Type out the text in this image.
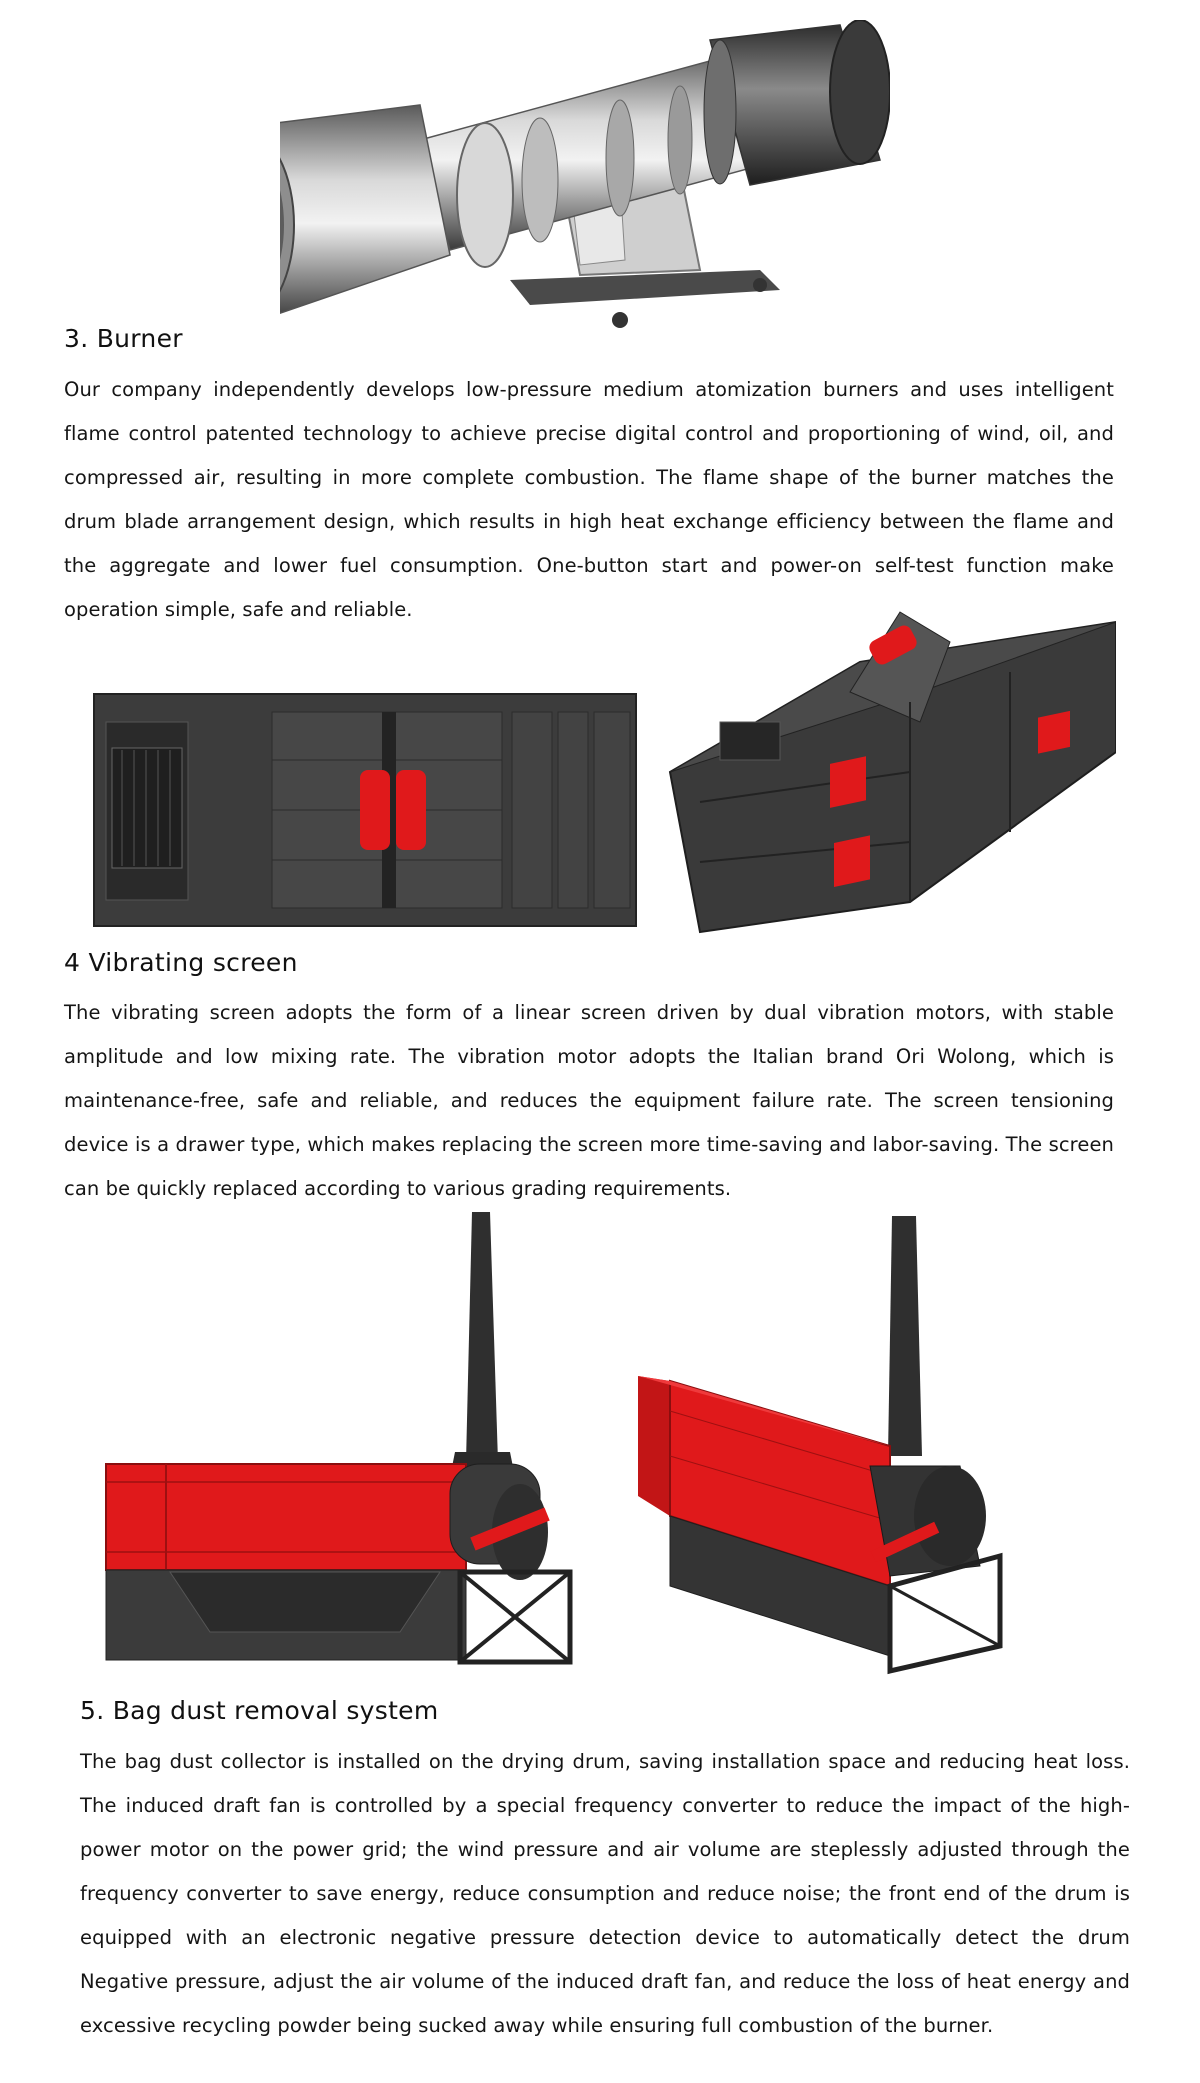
3. Burner
Our company independently develops low-pressure medium atomization burners and uses intelligent flame control patented technology to achieve precise digital control and proportioning of wind, oil, and compressed air, resulting in more complete combustion. The flame shape of the burner matches the drum blade arrangement design, which results in high heat exchange efficiency between the flame and the aggregate and lower fuel consumption. One-button start and power-on self-test function make operation simple, safe and reliable.
4 Vibrating screen
The vibrating screen adopts the form of a linear screen driven by dual vibration motors, with stable amplitude and low mixing rate. The vibration motor adopts the Italian brand Ori Wolong, which is maintenance-free, safe and reliable, and reduces the equipment failure rate. The screen tensioning device is a drawer type, which makes replacing the screen more time-saving and labor-saving. The screen can be quickly replaced according to various grading requirements.
5. Bag dust removal system
The bag dust collector is installed on the drying drum, saving installation space and reducing heat loss. The induced draft fan is controlled by a special frequency converter to reduce the impact of the high-power motor on the power grid; the wind pressure and air volume are steplessly adjusted through the frequency converter to save energy, reduce consumption and reduce noise; the front end of the drum is equipped with an electronic negative pressure detection device to automatically detect the drum Negative pressure, adjust the air volume of the induced draft fan, and reduce the loss of heat energy and excessive recycling powder being sucked away while ensuring full combustion of the burner.
